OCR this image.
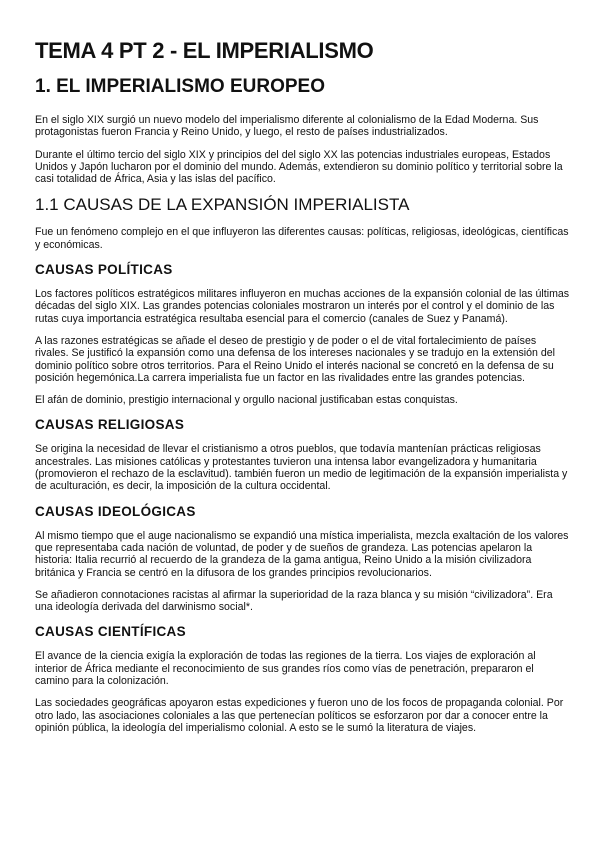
TEMA 4 PT 2 - EL IMPERIALISMO
1. EL IMPERIALISMO EUROPEO

En el siglo XIX surgió un nuevo modelo del imperialismo diferente al colonialismo de la Edad Moderna. Sus protagonistas fueron Francia y Reino Unido, y luego, el resto de países industrializados.

Durante el último tercio del siglo XIX y principios del del siglo XX las potencias industriales europeas, Estados Unidos y Japón lucharon por el dominio del mundo. Además, extendieron su dominio político y territorial sobre la casi totalidad de África, Asia y las islas del pacífico.

1.1 CAUSAS DE LA EXPANSIÓN IMPERIALISTA

Fue un fenómeno complejo en el que influyeron las diferentes causas: políticas, religiosas, ideológicas, científicas y económicas.

CAUSAS POLÍTICAS

Los factores políticos estratégicos militares influyeron en muchas acciones de la expansión colonial de las últimas décadas del siglo XIX. Las grandes potencias coloniales mostraron un interés por el control y el dominio de las rutas cuya importancia estratégica resultaba esencial para el comercio (canales de Suez y Panamá).

A las razones estratégicas se añade el deseo de prestigio y de poder o el de vital fortalecimiento de países rivales. Se justificó la expansión como una defensa de los intereses nacionales y se tradujo en la extensión del dominio político sobre otros territorios. Para el Reino Unido el interés nacional se concretó en la defensa de su posición hegemónica.La carrera imperialista fue un factor en las rivalidades entre las grandes potencias.

El afán de dominio, prestigio internacional y orgullo nacional justificaban estas conquistas.

CAUSAS RELIGIOSAS

Se origina la necesidad de llevar el cristianismo a otros pueblos, que todavía mantenían prácticas religiosas ancestrales. Las misiones católicas y protestantes tuvieron una intensa labor evangelizadora y humanitaria (promovieron el rechazo de la esclavitud). también fueron un medio de legitimación de la expansión imperialista y de aculturación, es decir, la imposición de la cultura occidental.

CAUSAS IDEOLÓGICAS

Al mismo tiempo que el auge nacionalismo se expandió una mística imperialista, mezcla exaltación de los valores que representaba cada nación de voluntad, de poder y de sueños de grandeza. Las potencias apelaron la historia: Italia recurrió al recuerdo de la grandeza de la gama antigua, Reino Unido a la misión civilizadora británica y Francia se centró en la difusora de los grandes principios revolucionarios.

Se añadieron connotaciones racistas al afirmar la superioridad de la raza blanca y su misión “civilizadora”. Era una ideología derivada del darwinismo social*.

CAUSAS CIENTÍFICAS

El avance de la ciencia exigía la exploración de todas las regiones de la tierra. Los viajes de exploración al interior de África mediante el reconocimiento de sus grandes ríos como vías de penetración, prepararon el camino para la colonización.

Las sociedades geográficas apoyaron estas expediciones y fueron uno de los focos de propaganda colonial. Por otro lado, las asociaciones coloniales a las que pertenecían políticos se esforzaron por dar a conocer entre la opinión pública, la ideología del imperialismo colonial. A esto se le sumó la literatura de viajes.
